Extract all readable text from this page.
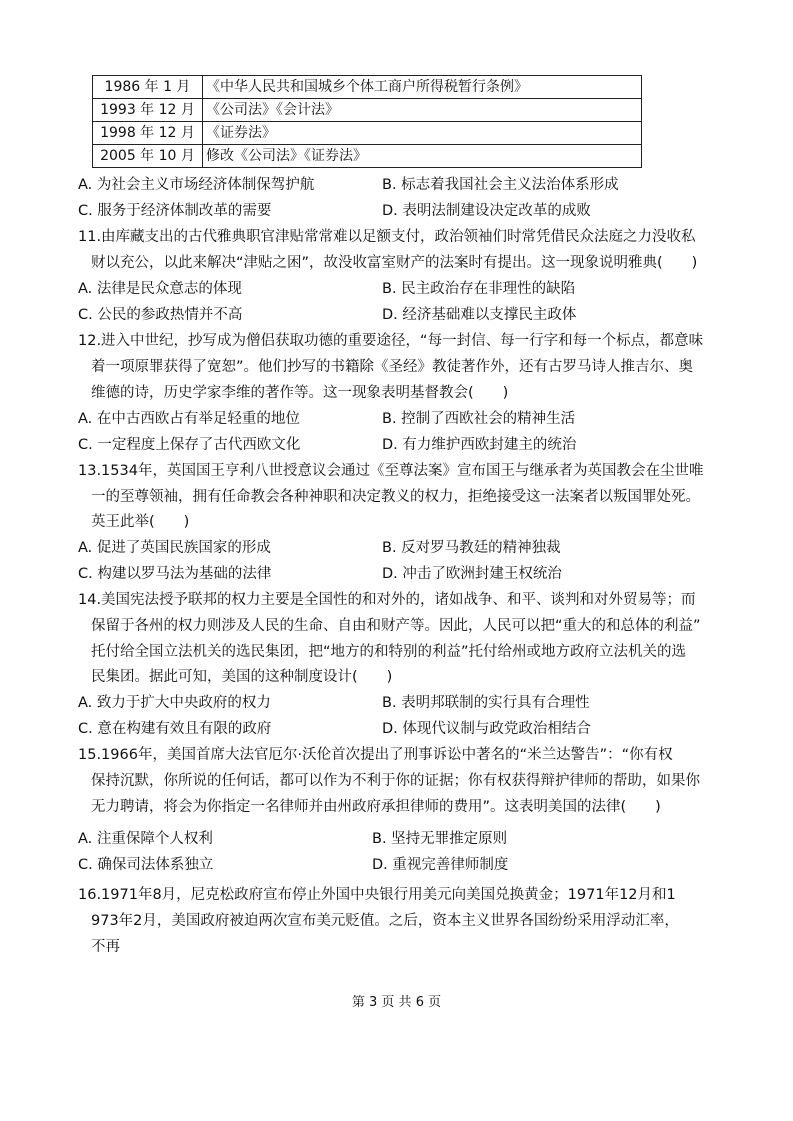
1986 年 1 月	《中华人民共和国城乡个体工商户所得税暂行条例》
1993 年 12 月	《公司法》《会计法》
1998 年 12 月	《证券法》
2005 年 10 月	修改《公司法》《证券法》
A. 为社会主义市场经济体制保驾护航	B. 标志着我国社会主义法治体系形成
C. 服务于经济体制改革的需要	D. 表明法制建设决定改革的成败
11.由库藏支出的古代雅典职官津贴常常难以足额支付，政治领袖们时常凭借民众法庭之力没收私
财以充公，以此来解决“津贴之困”，故没收富室财产的法案时有提出。这一现象说明雅典(　　)
A. 法律是民众意志的体现	B. 民主政治存在非理性的缺陷
C. 公民的参政热情并不高	D. 经济基础难以支撑民主政体
12.进入中世纪，抄写成为僧侣获取功德的重要途径，“每一封信、每一行字和每一个标点，都意味
着一项原罪获得了宽恕”。他们抄写的书籍除《圣经》教徒著作外，还有古罗马诗人推吉尔、奥
维德的诗，历史学家李维的著作等。这一现象表明基督教会(　　)
A. 在中古西欧占有举足轻重的地位	B. 控制了西欧社会的精神生活
C. 一定程度上保存了古代西欧文化	D. 有力维护西欧封建主的统治
13.1534年，英国国王亨利八世授意议会通过《至尊法案》宣布国王与继承者为英国教会在尘世唯
一的至尊领袖，拥有任命教会各种神职和决定教义的权力，拒绝接受这一法案者以叛国罪处死。
英王此举(　　)
A. 促进了英国民族国家的形成	B. 反对罗马教廷的精神独裁
C. 构建以罗马法为基础的法律	D. 冲击了欧洲封建王权统治
14.美国宪法授予联邦的权力主要是全国性的和对外的，诸如战争、和平、谈判和对外贸易等；而
保留于各州的权力则涉及人民的生命、自由和财产等。因此，人民可以把“重大的和总体的利益”
托付给全国立法机关的选民集团，把“地方的和特别的利益”托付给州或地方政府立法机关的选
民集团。据此可知，美国的这种制度设计(　　)
A. 致力于扩大中央政府的权力	B. 表明邦联制的实行具有合理性
C. 意在构建有效且有限的政府	D. 体现代议制与政党政治相结合
15.1966年，美国首席大法官厄尔·沃伦首次提出了刑事诉讼中著名的“米兰达警告”：“你有权
保持沉默，你所说的任何话，都可以作为不利于你的证据；你有权获得辩护律师的帮助，如果你
无力聘请，将会为你指定一名律师并由州政府承担律师的费用”。这表明美国的法律(　　)
A. 注重保障个人权利	B. 坚持无罪推定原则
C. 确保司法体系独立	D. 重视完善律师制度
16.1971年8月，尼克松政府宣布停止外国中央银行用美元向美国兑换黄金；1971年12月和1
973年2月，美国政府被迫两次宣布美元贬值。之后，资本主义世界各国纷纷采用浮动汇率，
不再
第 3 页 共 6 页
